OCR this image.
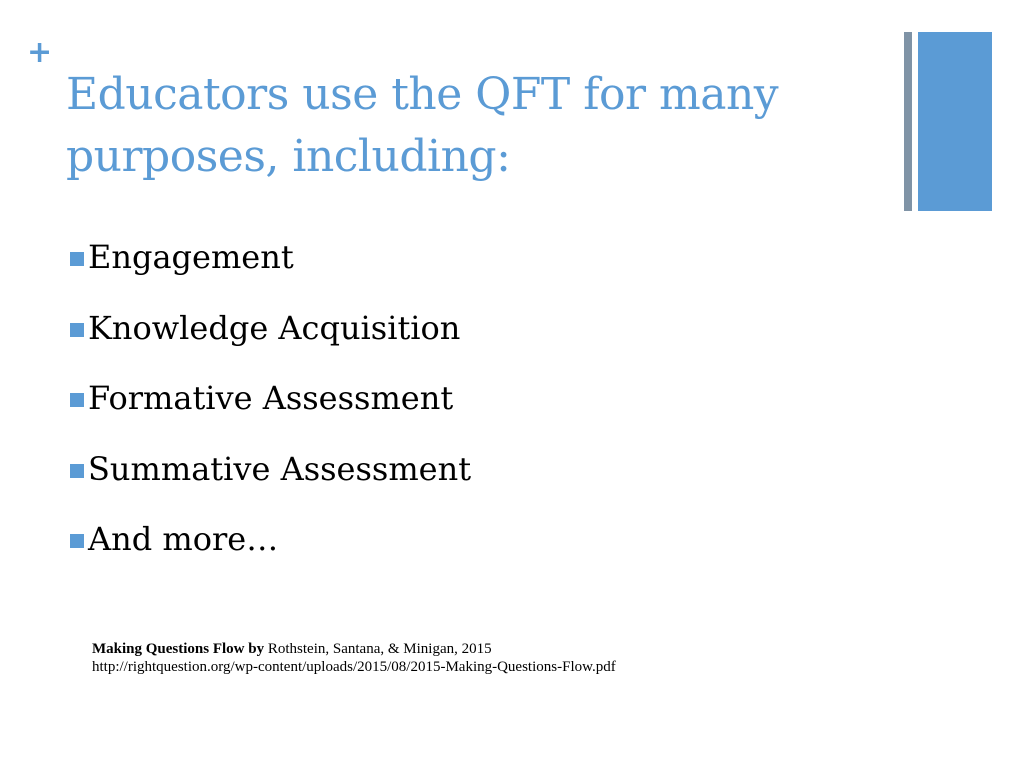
+
Educators use the QFT for many purposes, including:
Engagement
Knowledge Acquisition
Formative Assessment
Summative Assessment
And more…
Making Questions Flow by Rothstein, Santana, & Minigan, 2015
http://rightquestion.org/wp-content/uploads/2015/08/2015-Making-Questions-Flow.pdf
